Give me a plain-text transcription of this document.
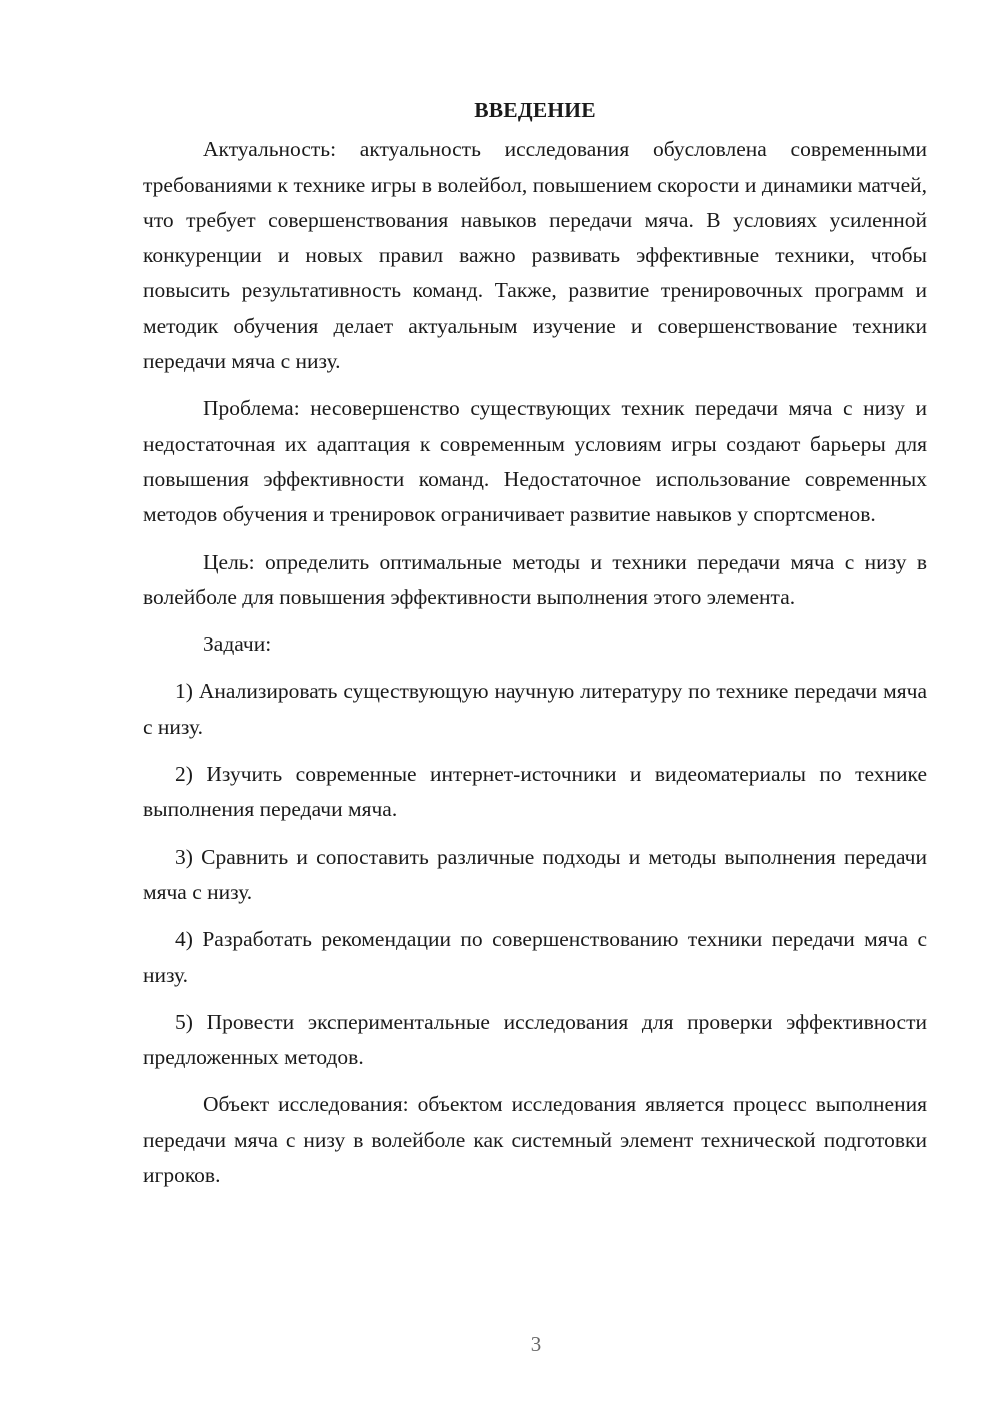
ВВЕДЕНИЕ

Актуальность: актуальность исследования обусловлена современными требованиями к технике игры в волейбол, повышением скорости и динамики матчей, что требует совершенствования навыков передачи мяча. В условиях усиленной конкуренции и новых правил важно развивать эффективные техники, чтобы повысить результативность команд. Также, развитие тренировочных программ и методик обучения делает актуальным изучение и совершенствование техники передачи мяча с низу.

Проблема: несовершенство существующих техник передачи мяча с низу и недостаточная их адаптация к современным условиям игры создают барьеры для повышения эффективности команд. Недостаточное использование современных методов обучения и тренировок ограничивает развитие навыков у спортсменов.

Цель: определить оптимальные методы и техники передачи мяча с низу в волейболе для повышения эффективности выполнения этого элемента.

Задачи:

1) Анализировать существующую научную литературу по технике передачи мяча с низу.

2) Изучить современные интернет-источники и видеоматериалы по технике выполнения передачи мяча.

3) Сравнить и сопоставить различные подходы и методы выполнения передачи мяча с низу.

4) Разработать рекомендации по совершенствованию техники передачи мяча с низу.

5) Провести экспериментальные исследования для проверки эффективности предложенных методов.

Объект исследования: объектом исследования является процесс выполнения передачи мяча с низу в волейболе как системный элемент технической подготовки игроков.

3
